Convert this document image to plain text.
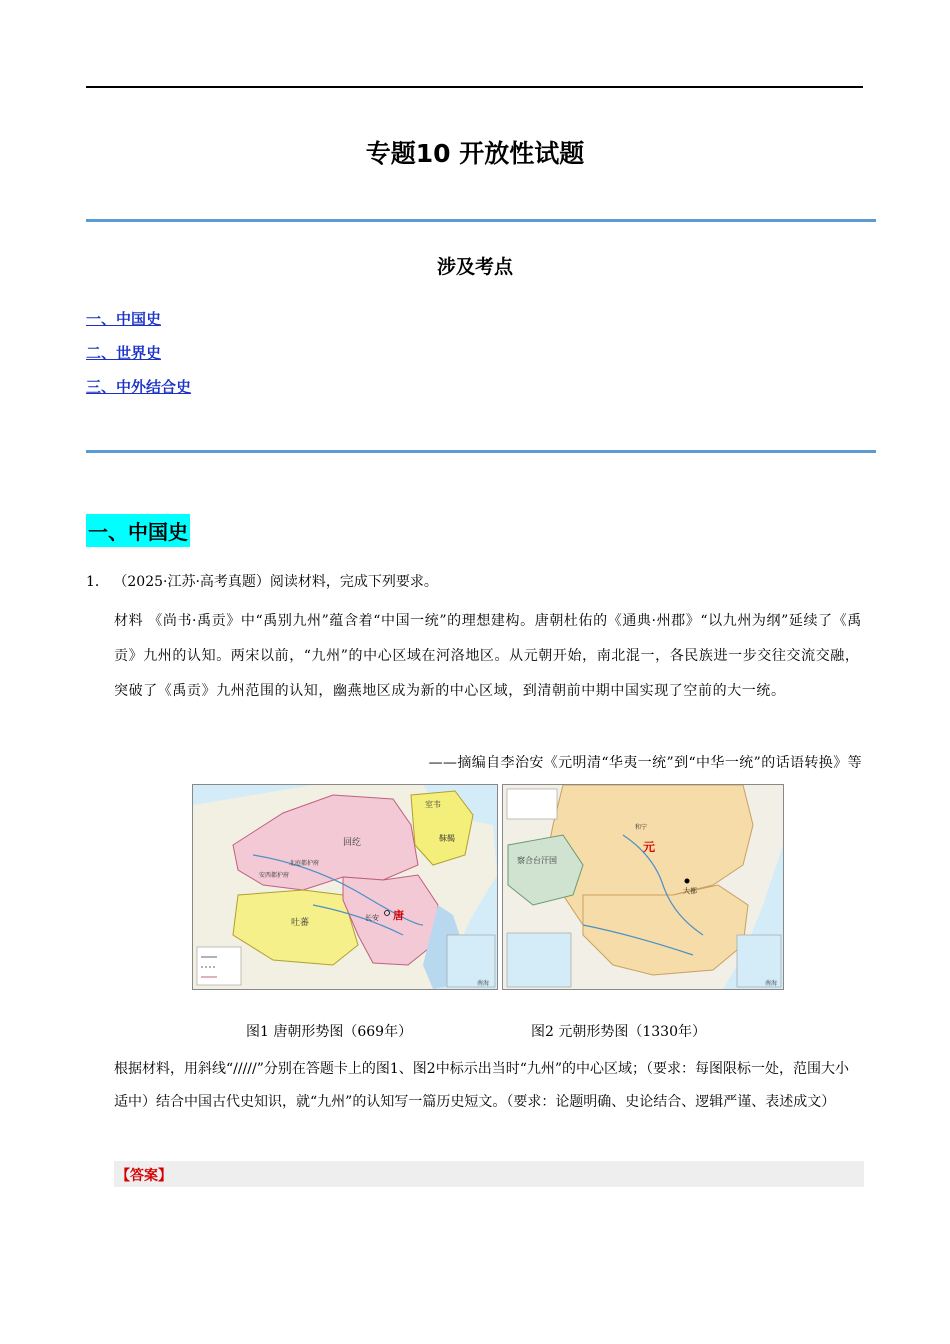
专题10 开放性试题
涉及考点
一、中国史
二、世界史
三、中外结合史
一、中国史
1． （2025·江苏·高考真题）阅读材料，完成下列要求。
材料 《尚书·禹贡》中“禹别九州”蕴含着“中国一统”的理想建构。唐朝杜佑的《通典·州郡》“以九州为纲”延续了《禹贡》九州的认知。两宋以前，“九州”的中心区域在河洛地区。从元朝开始，南北混一，各民族进一步交往交流交融，突破了《禹贡》九州范围的认知，幽燕地区成为新的中心区域，到清朝前中期中国实现了空前的大一统。
——摘编自李治安《元明清“华夷一统”到“中华一统”的话语转换》等
室韦
靺鞨
回纥
北庭都护府
安西都护府
吐蕃	长安 唐
南海
察合台汗国
和宁
元
大都
南海
图1 唐朝形势图（669年）	图2 元朝形势图（1330年）
根据材料，用斜线“/////”分别在答题卡上的图1、图2中标示出当时“九州”的中心区域；（要求：每图限标一处，范围大小适中）结合中国古代史知识，就“九州”的认知写一篇历史短文。（要求：论题明确、史论结合、逻辑严谨、表述成文）
【答案】
